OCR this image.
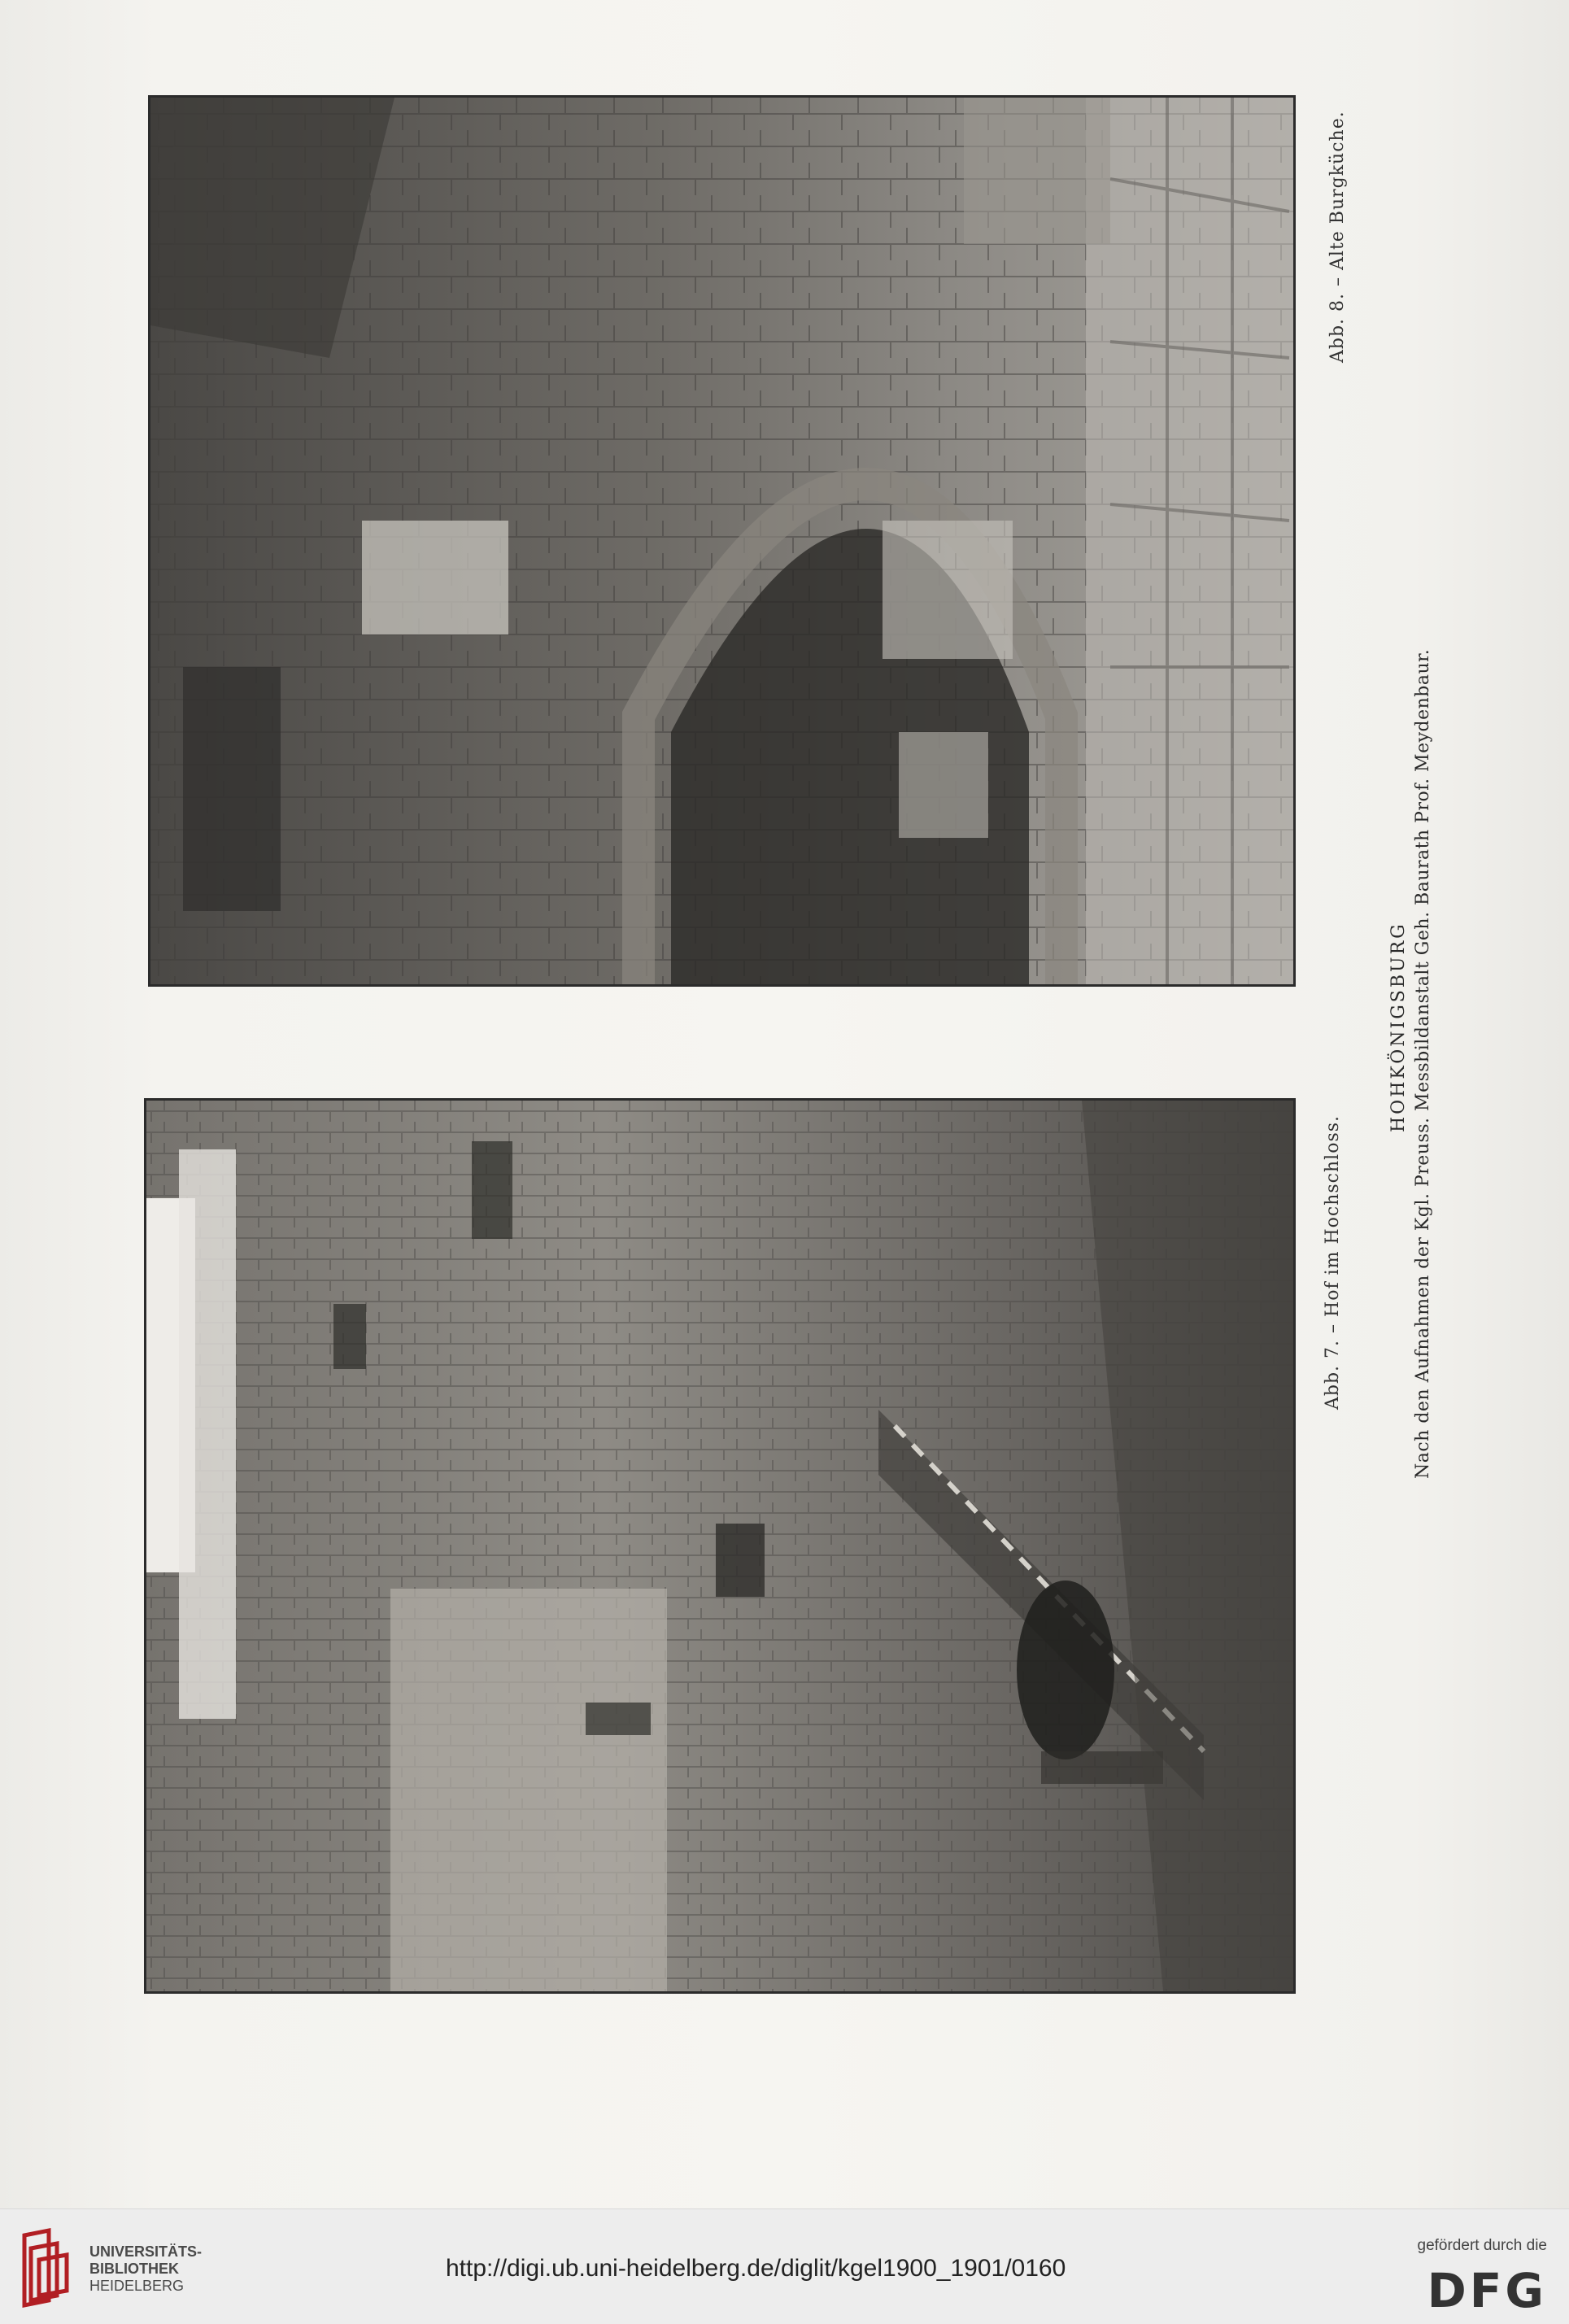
Abb. 8. – Alte Burgküche.
Abb. 7. – Hof im Hochschloss.
HOHKÖNIGSBURG Nach den Aufnahmen der Kgl. Preuss. Messbildanstalt Geh. Baurath Prof. Meydenbaur.
UNIVERSITÄTS-
BIBLIOTHEK
HEIDELBERG
http://digi.ub.uni-heidelberg.de/diglit/kgel1900_1901/0160
gefördert durch die
DFG
